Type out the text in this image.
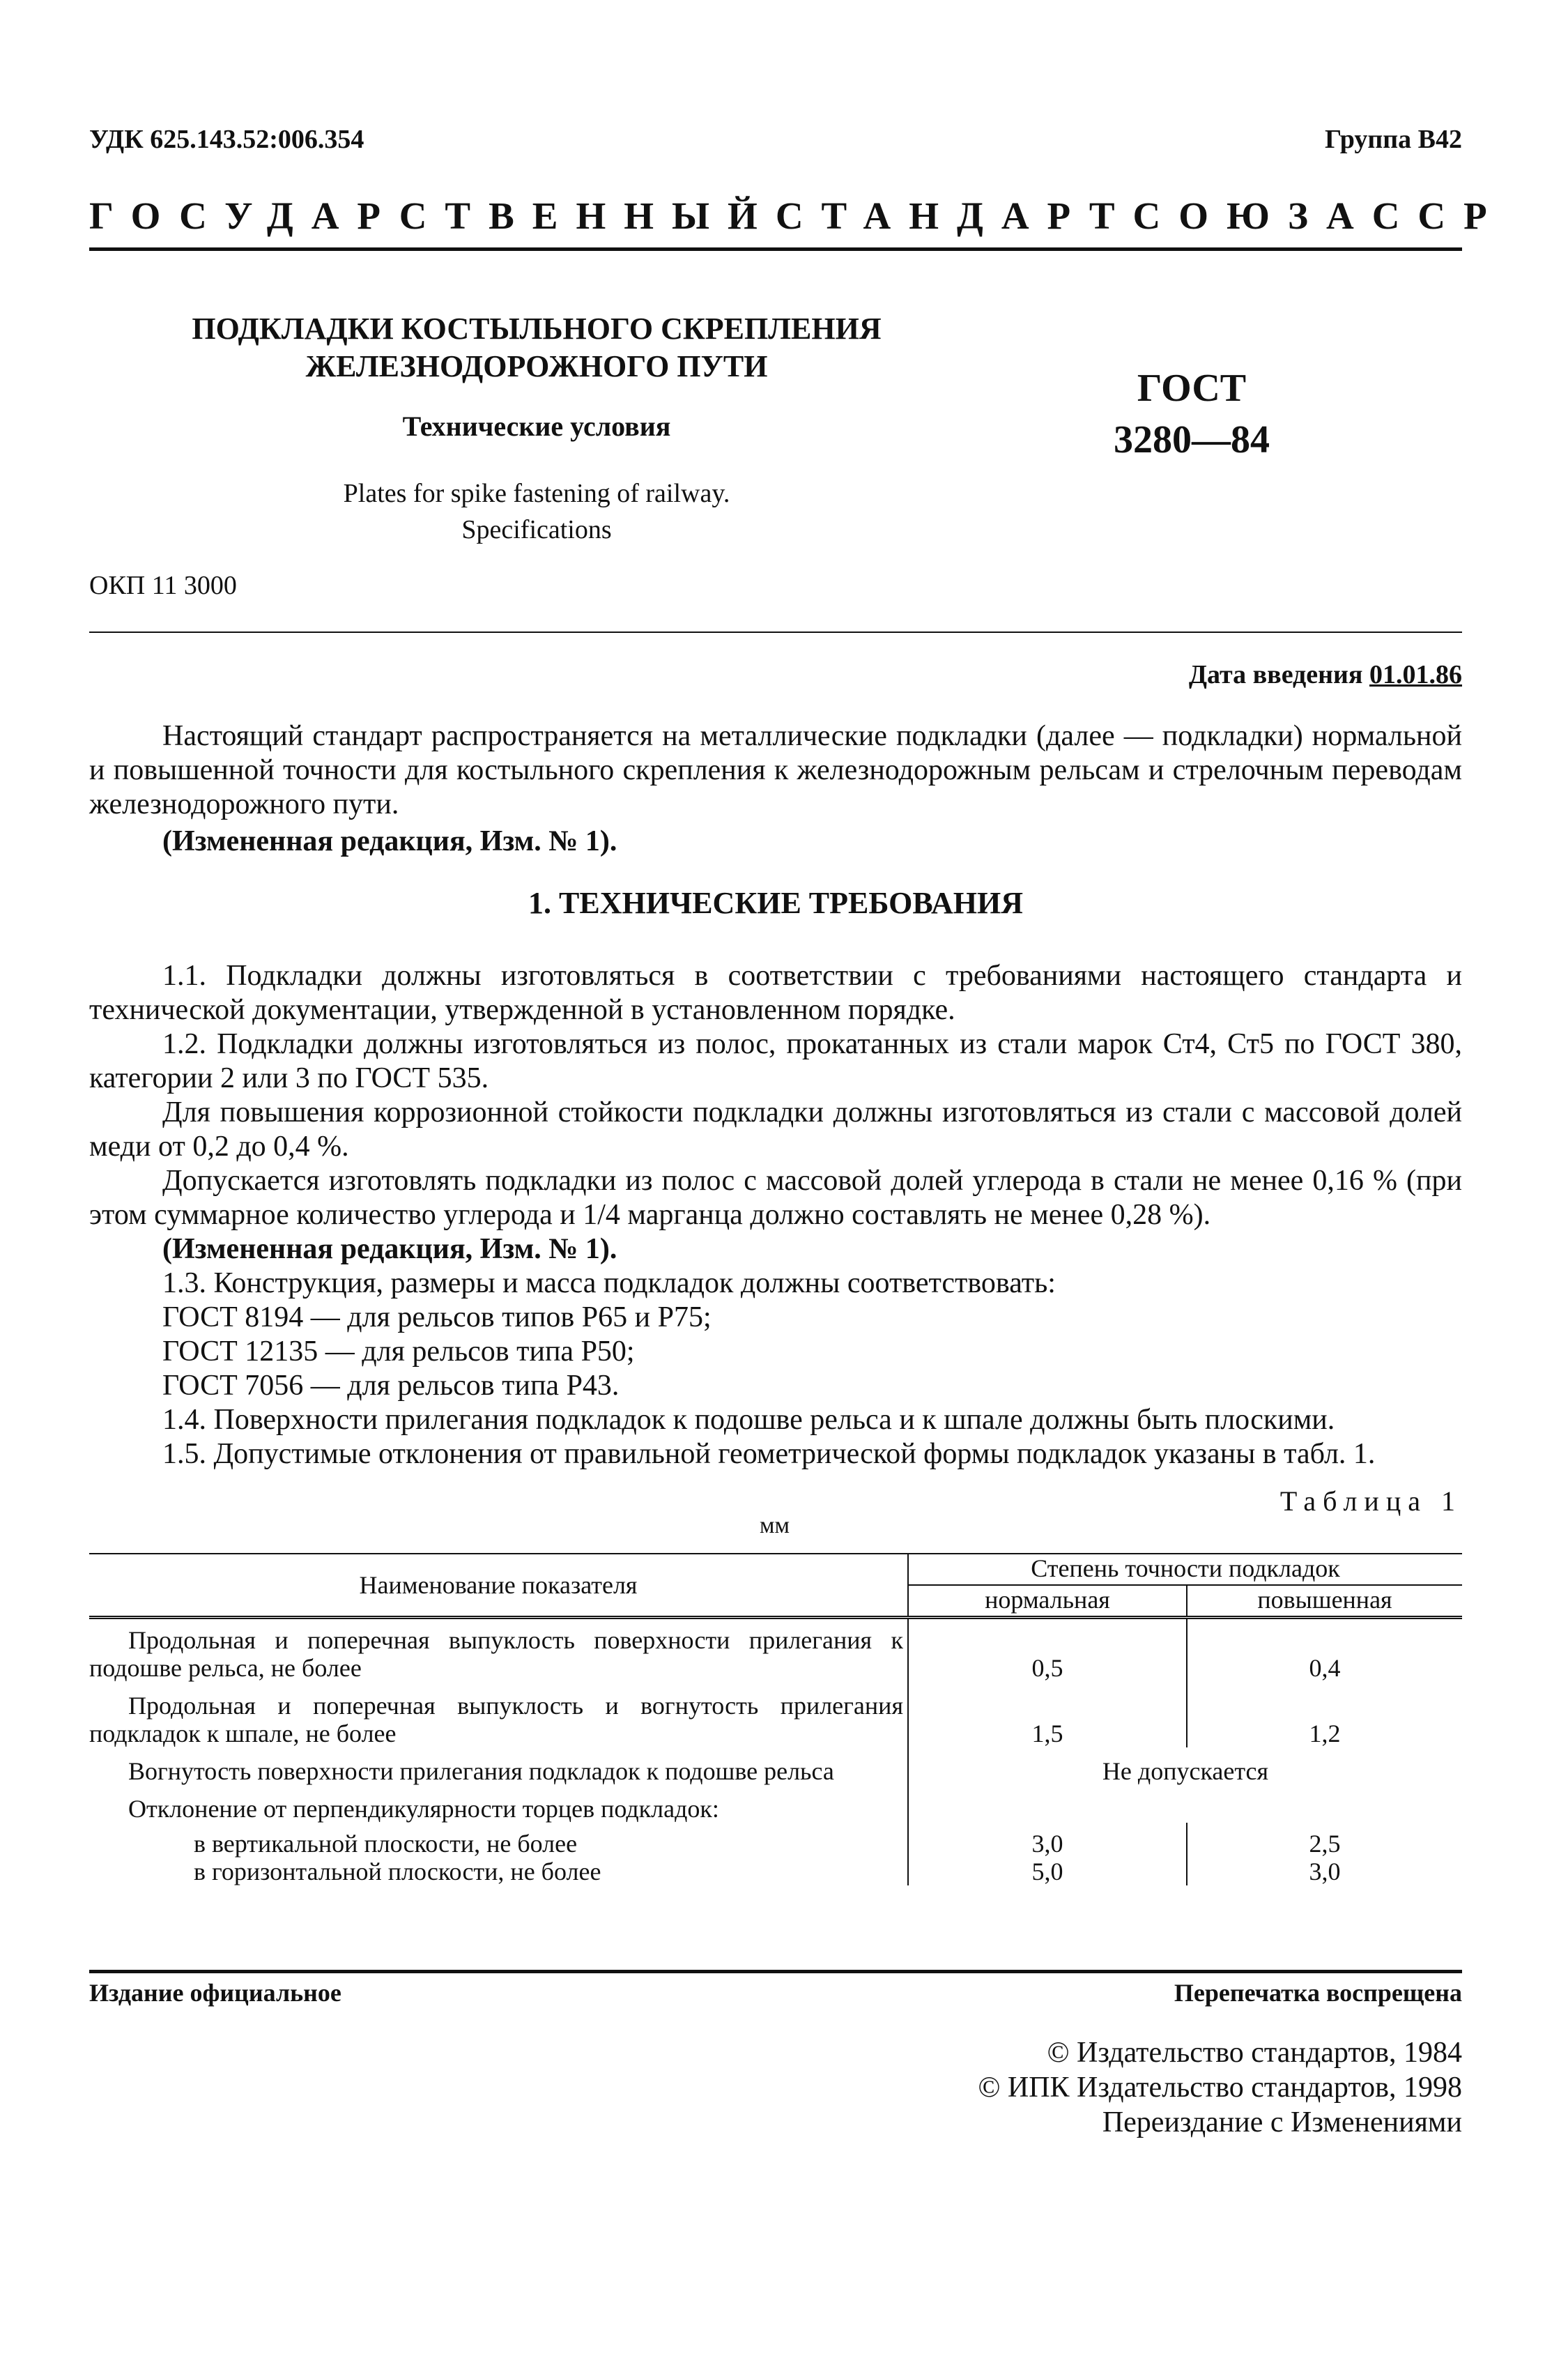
УДК 625.143.52:006.354	Группа В42
ГОСУДАРСТВЕННЫЙ СТАНДАРТ СОЮЗА ССР
ПОДКЛАДКИ КОСТЫЛЬНОГО СКРЕПЛЕНИЯ
ЖЕЛЕЗНОДОРОЖНОГО ПУТИ
Технические условия
Plates for spike fastening of railway.
Specifications
ГОСТ
3280—84
ОКП 11 3000
Дата введения 01.01.86
Настоящий стандарт распространяется на металлические подкладки (далее — подкладки) нормальной и повышенной точности для костыльного скрепления к железнодорожным рельсам и стрелочным переводам железнодорожного пути.
(Измененная редакция, Изм. № 1).
1. ТЕХНИЧЕСКИЕ ТРЕБОВАНИЯ
1.1. Подкладки должны изготовляться в соответствии с требованиями настоящего стандарта и технической документации, утвержденной в установленном порядке.
1.2. Подкладки должны изготовляться из полос, прокатанных из стали марок Ст4, Ст5 по ГОСТ 380, категории 2 или 3 по ГОСТ 535.
Для повышения коррозионной стойкости подкладки должны изготовляться из стали с массовой долей меди от 0,2 до 0,4 %.
Допускается изготовлять подкладки из полос с массовой долей углерода в стали не менее 0,16 % (при этом суммарное количество углерода и 1/4 марганца должно составлять не менее 0,28 %).
(Измененная редакция, Изм. № 1).
1.3. Конструкция, размеры и масса подкладок должны соответствовать:
ГОСТ 8194 — для рельсов типов Р65 и Р75;
ГОСТ 12135 — для рельсов типа Р50;
ГОСТ 7056 — для рельсов типа Р43.
1.4. Поверхности прилегания подкладок к подошве рельса и к шпале должны быть плоскими.
1.5. Допустимые отклонения от правильной геометрической формы подкладок указаны в табл. 1.
Таблица 1
мм
Наименование показателя	Степень точности подкладок	
	нормальная	повышенная
Продольная и поперечная выпуклость поверхности прилегания к подошве рельса, не более	0,5	0,4
Продольная и поперечная выпуклость и вогнутость прилегания подкладок к шпале, не более	1,5	1,2
Вогнутость поверхности прилегания подкладок к подошве рельса	Не допускается	
Отклонение от перпендикулярности торцев подкладок:		
в вертикальной плоскости, не более	3,0	2,5
в горизонтальной плоскости, не более	5,0	3,0
Издание официальное	Перепечатка воспрещена
© Издательство стандартов, 1984
© ИПК Издательство стандартов, 1998
Переиздание с Изменениями
